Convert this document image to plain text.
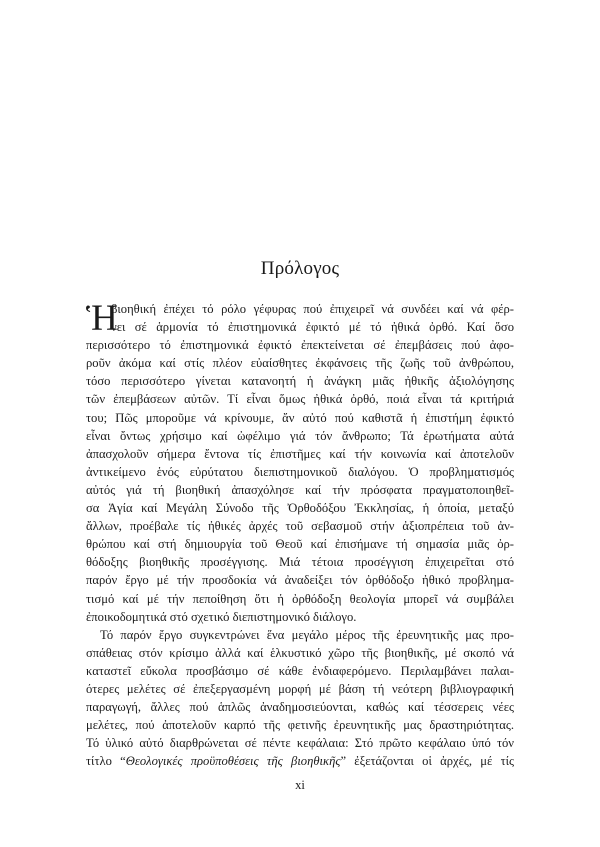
Πρόλογος
Ἡ
βιοηθική ἐπέχει τό ρόλο γέφυρας πού ἐπιχειρεῖ νά συνδέει καί νά φέρ-
νει σέ ἁρμονία τό ἐπιστημονικά ἐφικτό μέ τό ἠθικά ὀρθό. Καί ὅσο
περισσότερο τό ἐπιστημονικά ἐφικτό ἐπεκτείνεται σέ ἐπεμβάσεις πού ἀφο-
ροῦν ἀκόμα καί στίς πλέον εὐαίσθητες ἐκφάνσεις τῆς ζωῆς τοῦ ἀνθρώπου,
τόσο περισσότερο γίνεται κατανοητή ἡ ἀνάγκη μιᾶς ἠθικῆς ἀξιολόγησης
τῶν ἐπεμβάσεων αὐτῶν. Τί εἶναι ὅμως ἠθικά ὀρθό, ποιά εἶναι τά κριτήριά
του; Πῶς μποροῦμε νά κρίνουμε, ἄν αὐτό πού καθιστᾶ ἡ ἐπιστήμη ἐφικτό
εἶναι ὄντως χρήσιμο καί ὠφέλιμο γιά τόν ἄνθρωπο; Τά ἐρωτήματα αὐτά
ἀπασχολοῦν σήμερα ἔντονα τίς ἐπιστῆμες καί τήν κοινωνία καί ἀποτελοῦν
ἀντικείμενο ἑνός εὐρύτατου διεπιστημονικοῦ διαλόγου. Ὁ προβληματισμός
αὐτός γιά τή βιοηθική ἀπασχόλησε καί τήν πρόσφατα πραγματοποιηθεῖ-
σα Ἁγία καί Μεγάλη Σύνοδο τῆς Ὀρθοδόξου Ἐκκλησίας, ἡ ὁποία, μεταξύ
ἄλλων, προέβαλε τίς ἠθικές ἀρχές τοῦ σεβασμοῦ στήν ἀξιοπρέπεια τοῦ ἀν-
θρώπου καί στή δημιουργία τοῦ Θεοῦ καί ἐπισήμανε τή σημασία μιᾶς ὀρ-
θόδοξης βιοηθικῆς προσέγγισης. Μιά τέτοια προσέγγιση ἐπιχειρεῖται στό
παρόν ἔργο μέ τήν προσδοκία νά ἀναδείξει τόν ὀρθόδοξο ἠθικό προβλημα-
τισμό καί μέ τήν πεποίθηση ὅτι ἡ ὀρθόδοξη θεολογία μπορεῖ νά συμβάλει
ἐποικοδομητικά στό σχετικό διεπιστημονικό διάλογο.
Τό παρόν ἔργο συγκεντρώνει ἕνα μεγάλο μέρος τῆς ἐρευνητικῆς μας προ-
σπάθειας στόν κρίσιμο ἀλλά καί ἑλκυστικό χῶρο τῆς βιοηθικῆς, μέ σκοπό νά
καταστεῖ εὔκολα προσβάσιμο σέ κάθε ἐνδιαφερόμενο. Περιλαμβάνει παλαι-
ότερες μελέτες σέ ἐπεξεργασμένη μορφή μέ βάση τή νεότερη βιβλιογραφική
παραγωγή, ἄλλες πού ἁπλῶς ἀναδημοσιεύονται, καθώς καί τέσσερεις νέες
μελέτες, πού ἀποτελοῦν καρπό τῆς φετινῆς ἐρευνητικῆς μας δραστηριότητας.
Τό ὑλικό αὐτό διαρθρώνεται σέ πέντε κεφάλαια: Στό πρῶτο κεφάλαιο ὑπό τόν
τίτλο “Θεολογικές προϋποθέσεις τῆς βιοηθικῆς” ἐξετάζονται οἱ ἀρχές, μέ τίς
xi
